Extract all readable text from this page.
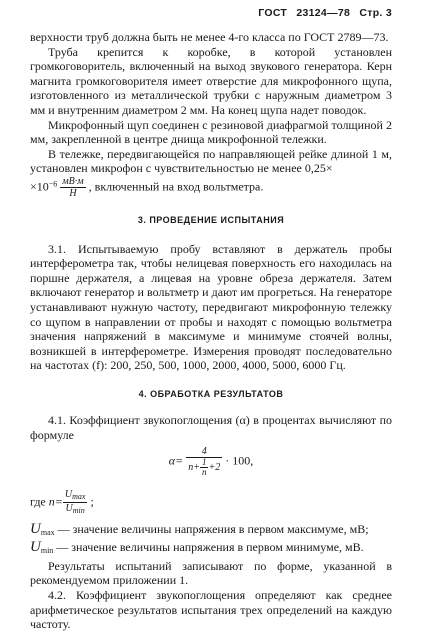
ГОСТ 23124—78 Стр. 3

верхности труб должна быть не менее 4-го класса по ГОСТ 2789—73.

Труба крепится к коробке, в которой установлен громкоговоритель, включенный на выход звукового генератора. Керн магнита громкоговорителя имеет отверстие для микрофонного щупа, изготовленного из металлической трубки с наружным диаметром 3 мм и внутренним диаметром 2 мм. На конец щупа надет поводок.

Микрофонный щуп соединен с резиновой диафрагмой толщиной 2 мм, закрепленной в центре днища микрофонной тележки.

В тележке, передвигающейся по направляющей рейке длиной 1 м, установлен микрофон с чувствительностью не менее 0,25×

$\times 10^{-6} \frac{мВ\cdot м}{Н}$ , включенный на вход вольтметра.

3. ПРОВЕДЕНИЕ ИСПЫТАНИЯ

3.1. Испытываемую пробу вставляют в держатель пробы интерферометра так, чтобы нелицевая поверхность его находилась на поршне держателя, а лицевая на уровне обреза держателя. Затем включают генератор и вольтметр и дают им прогреться. На генераторе устанавливают нужную частоту, передвигают микрофонную тележку со щупом в направлении от пробы и находят с помощью вольтметра значения напряжений в максимуме и минимуме стоячей волны, возникшей в интерферометре. Измерения проводят последовательно на частотах (f): 200, 250, 500, 1000, 2000, 4000, 5000, 6000 Гц.

4. ОБРАБОТКА РЕЗУЛЬТАТОВ

4.1. Коэффициент звукопоглощения (α) в процентах вычисляют по формуле

$\alpha= \frac{4}{n+ \frac{1}{n} +2} \cdot 100$,

где $n= \frac{U_{max}}{U_{min}}$ ;

$U_{max}$ — значение величины напряжения в первом максимуме, мВ;

$U_{min}$ — значение величины напряжения в первом минимуме, мВ.

Результаты испытаний записывают по форме, указанной в рекомендуемом приложении 1.

4.2. Коэффициент звукопоглощения определяют как среднее арифметическое результатов испытания трех определений на каждую частоту.
